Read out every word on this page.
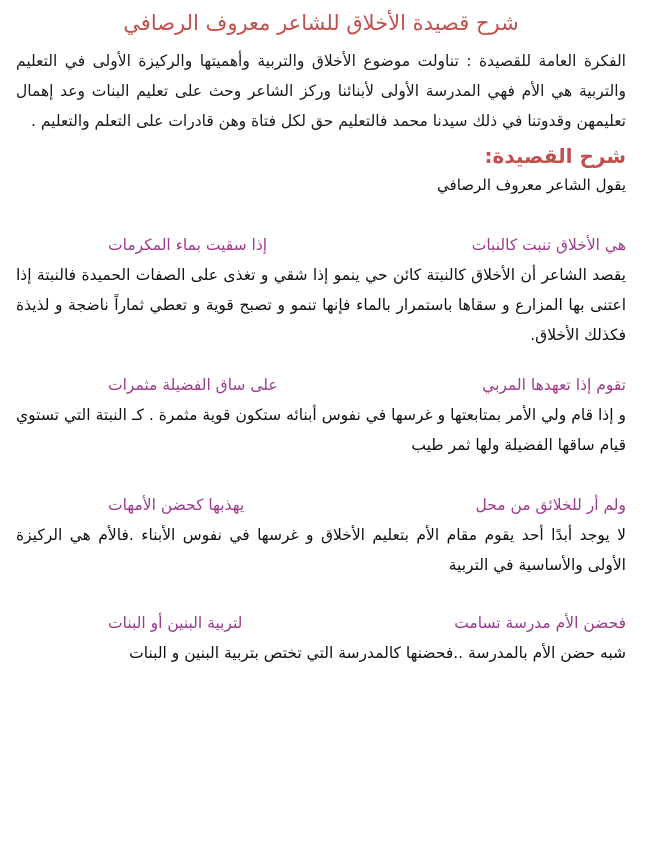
شرح قصيدة الأخلاق للشاعر معروف الرصافي

الفكرة العامة للقصيدة : تناولت موضوع الأخلاق والتربية وأهميتها والركيزة الأولى في التعليم والتربية هي الأم فهي المدرسة الأولى لأبنائنا وركز الشاعر وحث على تعليم البنات وعد إهمال تعليمهن وقدوتنا في ذلك سيدنا محمد فالتعليم حق لكل فتاة وهن قادرات على التعلم والتعليم .

شرح القصيدة:

يقول الشاعر معروف الرصافي

هي الأخلاق تنبت كالنبات
إذا سقيت بماء المكرمات

يقصد الشاعر أن الأخلاق كالنبتة كائن حي ينمو إذا شقي و تغذى على الصفات الحميدة فالنبتة إذا اعتنى بها المزارع و سقاها باستمرار بالماء فإنها تنمو و تصبح قوية و تعطي ثماراً ناضجة و لذيذة فكذلك الأخلاق.

تقوم إذا تعهدها المربي
على ساق الفضيلة مثمرات

و إذا قام ولي الأمر بمتابعتها و غرسها في نفوس أبنائه ستكون قوية مثمرة . كـ النبتة التي تستوي قيام ساقها الفضيلة ولها ثمر طيب

ولم أر للخلائق من محل
يهذبها كحضن الأمهات

لا يوجد أبدًا أحد يقوم مقام الأم بتعليم الأخلاق و غرسها في نفوس الأبناء .فالأم هي الركيزة الأولى والأساسية في التربية

فحضن الأم مدرسة تسامت
لتربية البنين أو البنات

شبه حضن الأم بالمدرسة ..فحضنها كالمدرسة التي تختص بتربية البنين و البنات
